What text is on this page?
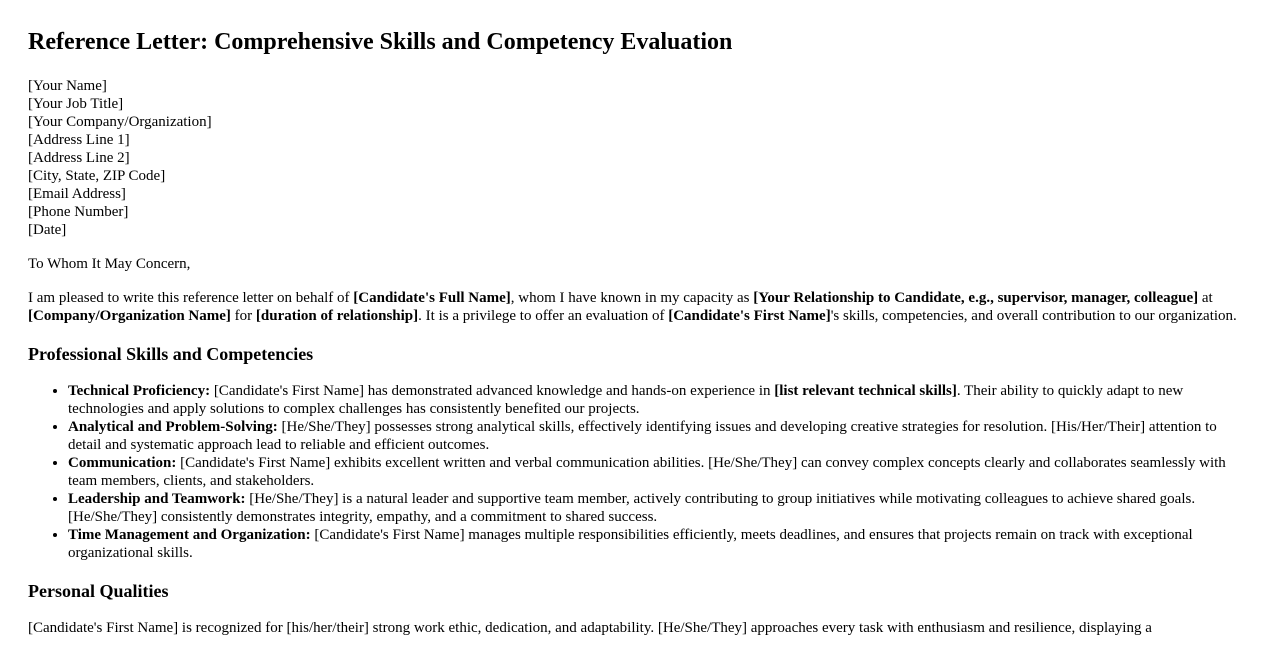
Reference Letter: Comprehensive Skills and Competency Evaluation
[Your Name]
[Your Job Title]
[Your Company/Organization]
[Address Line 1]
[Address Line 2]
[City, State, ZIP Code]
[Email Address]
[Phone Number]
[Date]
To Whom It May Concern,
I am pleased to write this reference letter on behalf of [Candidate's Full Name], whom I have known in my capacity as [Your Relationship to Candidate, e.g., supervisor, manager, colleague] at [Company/Organization Name] for [duration of relationship]. It is a privilege to offer an evaluation of [Candidate's First Name]'s skills, competencies, and overall contribution to our organization.
Professional Skills and Competencies
• Technical Proficiency: [Candidate's First Name] has demonstrated advanced knowledge and hands-on experience in [list relevant technical skills]. Their ability to quickly adapt to new technologies and apply solutions to complex challenges has consistently benefited our projects.
• Analytical and Problem-Solving: [He/She/They] possesses strong analytical skills, effectively identifying issues and developing creative strategies for resolution. [His/Her/Their] attention to detail and systematic approach lead to reliable and efficient outcomes.
• Communication: [Candidate's First Name] exhibits excellent written and verbal communication abilities. [He/She/They] can convey complex concepts clearly and collaborates seamlessly with team members, clients, and stakeholders.
• Leadership and Teamwork: [He/She/They] is a natural leader and supportive team member, actively contributing to group initiatives while motivating colleagues to achieve shared goals. [He/She/They] consistently demonstrates integrity, empathy, and a commitment to shared success.
• Time Management and Organization: [Candidate's First Name] manages multiple responsibilities efficiently, meets deadlines, and ensures that projects remain on track with exceptional organizational skills.
Personal Qualities
[Candidate's First Name] is recognized for [his/her/their] strong work ethic, dedication, and adaptability. [He/She/They] approaches every task with enthusiasm and resilience, displaying a
